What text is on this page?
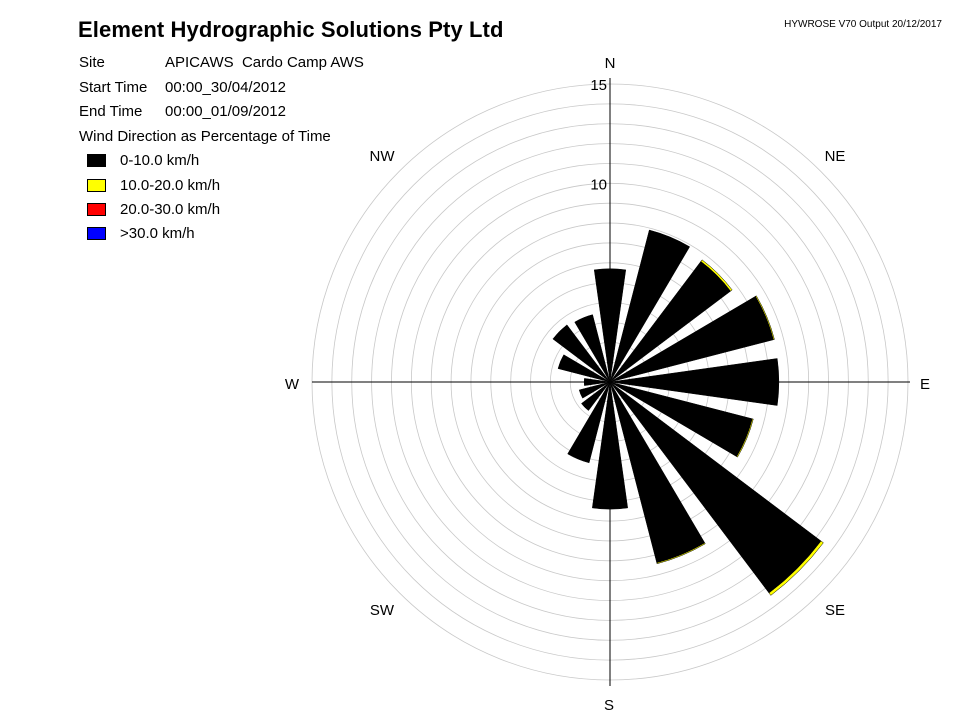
Element Hydrographic Solutions Pty Ltd	HYWROSE V70 Output 20/12/2017
Site	APICAWS  Cardo Camp AWS
Start Time 00:00_30/04/2012
End Time 00:00_01/09/2012
Wind Direction as Percentage of Time
0-10.0 km/h
10.0-20.0 km/h
20.0-30.0 km/h
>30.0 km/h
5
10
15
N
NE
E
SE
S
SW
W
NW
